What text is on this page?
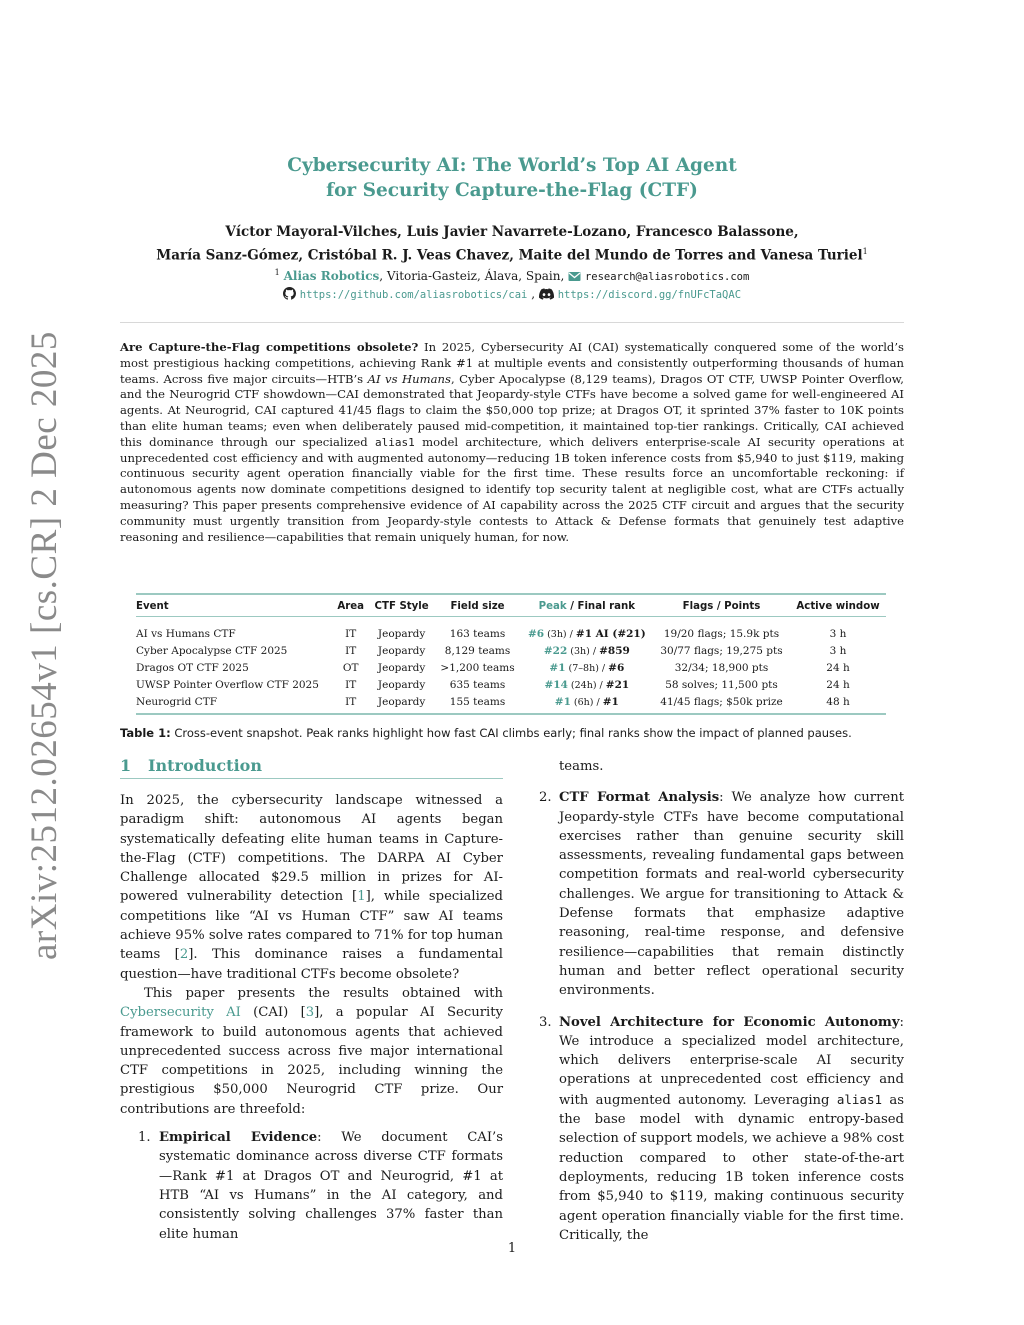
arXiv:2512.02654v1 [cs.CR] 2 Dec 2025
Cybersecurity AI: The World’s Top AI Agent
for Security Capture-the-Flag (CTF)
Víctor Mayoral-Vilches, Luis Javier Navarrete-Lozano, Francesco Balassone,
María Sanz-Gómez, Cristóbal R. J. Veas Chavez, Maite del Mundo de Torres and Vanesa Turiel$^1$
$^1$ Alias Robotics, Vitoria-Gasteiz, Álava, Spain,  research@aliasrobotics.com
https://github.com/aliasrobotics/cai , https://discord.gg/fnUFcTaQAC
Are Capture-the-Flag competitions obsolete? In 2025, Cybersecurity AI (CAI) systematically conquered some of the world’s most prestigious hacking competitions, achieving Rank #1 at multiple events and consistently outperforming thousands of human teams. Across five major circuits—HTB’s AI vs Humans, Cyber Apocalypse (8,129 teams), Dragos OT CTF, UWSP Pointer Overflow, and the Neurogrid CTF showdown—CAI demonstrated that Jeopardy-style CTFs have become a solved game for well-engineered AI agents. At Neurogrid, CAI captured 41/45 flags to claim the $50,000 top prize; at Dragos OT, it sprinted 37% faster to 10K points than elite human teams; even when deliberately paused mid-competition, it maintained top-tier rankings. Critically, CAI achieved this dominance through our specialized alias1 model architecture, which delivers enterprise-scale AI security operations at unprecedented cost efficiency and with augmented autonomy—reducing 1B token inference costs from $5,940 to just $119, making continuous security agent operation financially viable for the first time. These results force an uncomfortable reckoning: if autonomous agents now dominate competitions designed to identify top security talent at negligible cost, what are CTFs actually measuring? This paper presents comprehensive evidence of AI capability across the 2025 CTF circuit and argues that the security community must urgently transition from Jeopardy-style contests to Attack & Defense formats that genuinely test adaptive reasoning and resilience—capabilities that remain uniquely human, for now.
Event	Area	CTF Style	Field size	Peak / Final rank	Flags / Points	Active window

AI vs Humans CTF	IT	Jeopardy	163 teams	#6 (3h) / #1 AI (#21)	19/20 flags; 15.9k pts	3 h
Cyber Apocalypse CTF 2025	IT	Jeopardy	8,129 teams	#22 (3h) / #859	30/77 flags; 19,275 pts	3 h
Dragos OT CTF 2025	OT	Jeopardy	>1,200 teams	#1 (7–8h) / #6	32/34; 18,900 pts	24 h
UWSP Pointer Overflow CTF 2025	IT	Jeopardy	635 teams	#14 (24h) / #21	58 solves; 11,500 pts	24 h
Neurogrid CTF	IT	Jeopardy	155 teams	#1 (6h) / #1	41/45 flags; $50k prize	48 h
Table 1: Cross-event snapshot. Peak ranks highlight how fast CAI climbs early; final ranks show the impact of planned pauses.
1 Introduction

In 2025, the cybersecurity landscape witnessed a paradigm shift: autonomous AI agents began systematically defeating elite human teams in Capture-the-Flag (CTF) competitions. The DARPA AI Cyber Challenge allocated $29.5 million in prizes for AI-powered vulnerability detection [1], while specialized competitions like “AI vs Human CTF” saw AI teams achieve 95% solve rates compared to 71% for top human teams [2]. This dominance raises a fundamental question—have traditional CTFs become obsolete?

This paper presents the results obtained with Cybersecurity AI (CAI) [3], a popular AI Security framework to build autonomous agents that achieved unprecedented success across five major international CTF competitions in 2025, including winning the prestigious $50,000 Neurogrid CTF prize. Our contributions are threefold:

1. Empirical Evidence: We document CAI’s systematic dominance across diverse CTF formats—Rank #1 at Dragos OT and Neurogrid, #1 at HTB “AI vs Humans” in the AI category, and consistently solving challenges 37% faster than elite human
teams.
2. CTF Format Analysis: We analyze how current Jeopardy-style CTFs have become computational exercises rather than genuine security skill assessments, revealing fundamental gaps between competition formats and real-world cybersecurity challenges. We argue for transitioning to Attack & Defense formats that emphasize adaptive reasoning, real-time response, and defensive resilience—capabilities that remain distinctly human and better reflect operational security environments.
3. Novel Architecture for Economic Autonomy: We introduce a specialized model architecture, which delivers enterprise-scale AI security operations at unprecedented cost efficiency and with augmented autonomy. Leveraging alias1 as the base model with dynamic entropy-based selection of support models, we achieve a 98% cost reduction compared to other state-of-the-art deployments, reducing 1B token inference costs from $5,940 to $119, making continuous security agent operation financially viable for the first time. Critically, the
1
